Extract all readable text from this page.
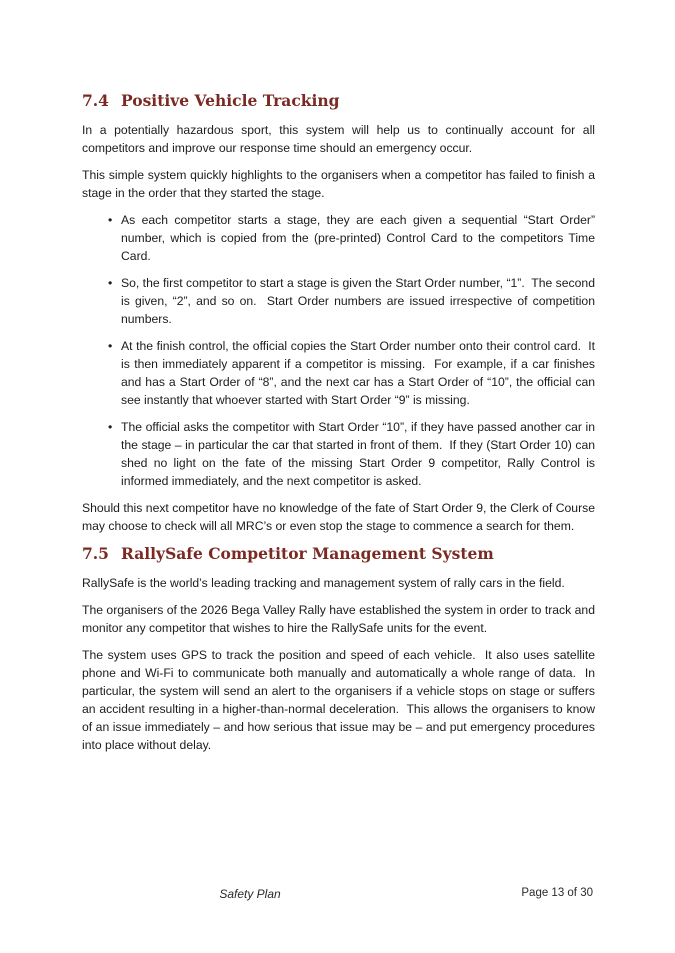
7.4 Positive Vehicle Tracking

In a potentially hazardous sport, this system will help us to continually account for all competitors and improve our response time should an emergency occur.

This simple system quickly highlights to the organisers when a competitor has failed to finish a stage in the order that they started the stage.

• As each competitor starts a stage, they are each given a sequential “Start Order” number, which is copied from the (pre-printed) Control Card to the competitors Time Card.
• So, the first competitor to start a stage is given the Start Order number, “1”.  The second is given, “2”, and so on.  Start Order numbers are issued irrespective of competition numbers.
• At the finish control, the official copies the Start Order number onto their control card.  It is then immediately apparent if a competitor is missing.  For example, if a car finishes and has a Start Order of “8”, and the next car has a Start Order of “10”, the official can see instantly that whoever started with Start Order “9” is missing.
• The official asks the competitor with Start Order “10”, if they have passed another car in the stage – in particular the car that started in front of them.  If they (Start Order 10) can shed no light on the fate of the missing Start Order 9 competitor, Rally Control is informed immediately, and the next competitor is asked.

Should this next competitor have no knowledge of the fate of Start Order 9, the Clerk of Course may choose to check will all MRC’s or even stop the stage to commence a search for them.

7.5 RallySafe Competitor Management System

RallySafe is the world’s leading tracking and management system of rally cars in the field.

The organisers of the 2026 Bega Valley Rally have established the system in order to track and monitor any competitor that wishes to hire the RallySafe units for the event.

The system uses GPS to track the position and speed of each vehicle.  It also uses satellite phone and Wi-Fi to communicate both manually and automatically a whole range of data.  In particular, the system will send an alert to the organisers if a vehicle stops on stage or suffers an accident resulting in a higher-than-normal deceleration.  This allows the organisers to know of an issue immediately – and how serious that issue may be – and put emergency procedures into place without delay.

Safety Plan	Page 13 of 30
